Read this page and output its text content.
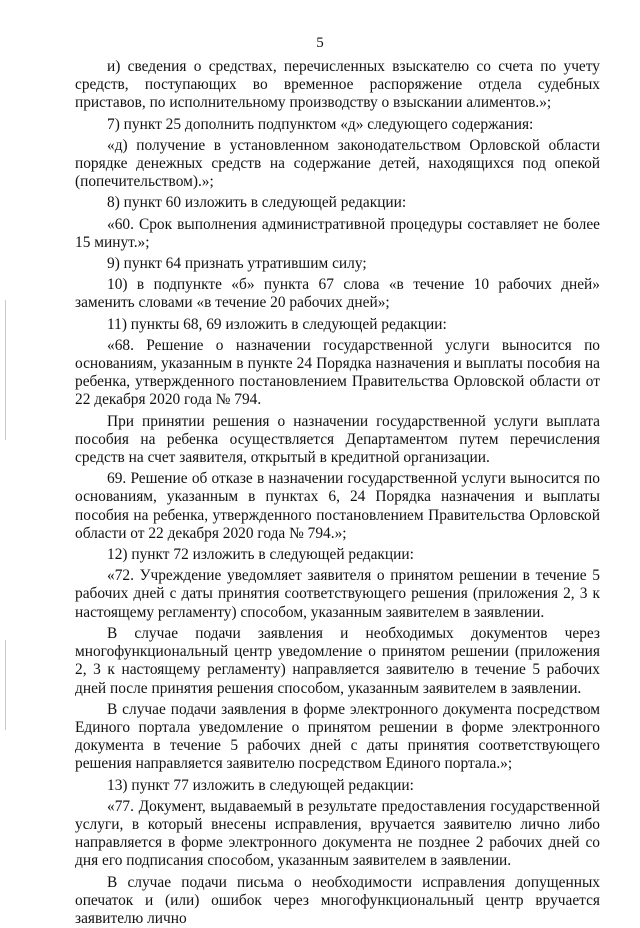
5

и) сведения о средствах, перечисленных взыскателю со счета по учету средств, поступающих во временное распоряжение отдела судебных приставов, по исполнительному производству о взыскании алиментов.»;

7) пункт 25 дополнить подпунктом «д» следующего содержания:

«д) получение в установленном законодательством Орловской области порядке денежных средств на содержание детей, находящихся под опекой (попечительством).»;

8) пункт 60 изложить в следующей редакции:

«60. Срок выполнения административной процедуры составляет не более 15 минут.»;

9) пункт 64 признать утратившим силу;

10) в подпункте «б» пункта 67 слова «в течение 10 рабочих дней» заменить словами «в течение 20 рабочих дней»;

11) пункты 68, 69 изложить в следующей редакции:

«68. Решение о назначении государственной услуги выносится по основаниям, указанным в пункте 24 Порядка назначения и выплаты пособия на ребенка, утвержденного постановлением Правительства Орловской области от 22 декабря 2020 года № 794.

При принятии решения о назначении государственной услуги выплата пособия на ребенка осуществляется Департаментом путем перечисления средств на счет заявителя, открытый в кредитной организации.

69. Решение об отказе в назначении государственной услуги выносится по основаниям, указанным в пунктах 6, 24 Порядка назначения и выплаты пособия на ребенка, утвержденного постановлением Правительства Орловской области от 22 декабря 2020 года № 794.»;

12) пункт 72 изложить в следующей редакции:

«72. Учреждение уведомляет заявителя о принятом решении в течение 5 рабочих дней с даты принятия соответствующего решения (приложения 2, 3 к настоящему регламенту) способом, указанным заявителем в заявлении.

В случае подачи заявления и необходимых документов через многофункциональный центр уведомление о принятом решении (приложения 2, 3 к настоящему регламенту) направляется заявителю в течение 5 рабочих дней после принятия решения способом, указанным заявителем в заявлении.

В случае подачи заявления в форме электронного документа посредством Единого портала уведомление о принятом решении в форме электронного документа в течение 5 рабочих дней с даты принятия соответствующего решения направляется заявителю посредством Единого портала.»;

13) пункт 77 изложить в следующей редакции:

«77. Документ, выдаваемый в результате предоставления государственной услуги, в который внесены исправления, вручается заявителю лично либо направляется в форме электронного документа не позднее 2 рабочих дней со дня его подписания способом, указанным заявителем в заявлении.

В случае подачи письма о необходимости исправления допущенных опечаток и (или) ошибок через многофункциональный центр вручается заявителю лично
